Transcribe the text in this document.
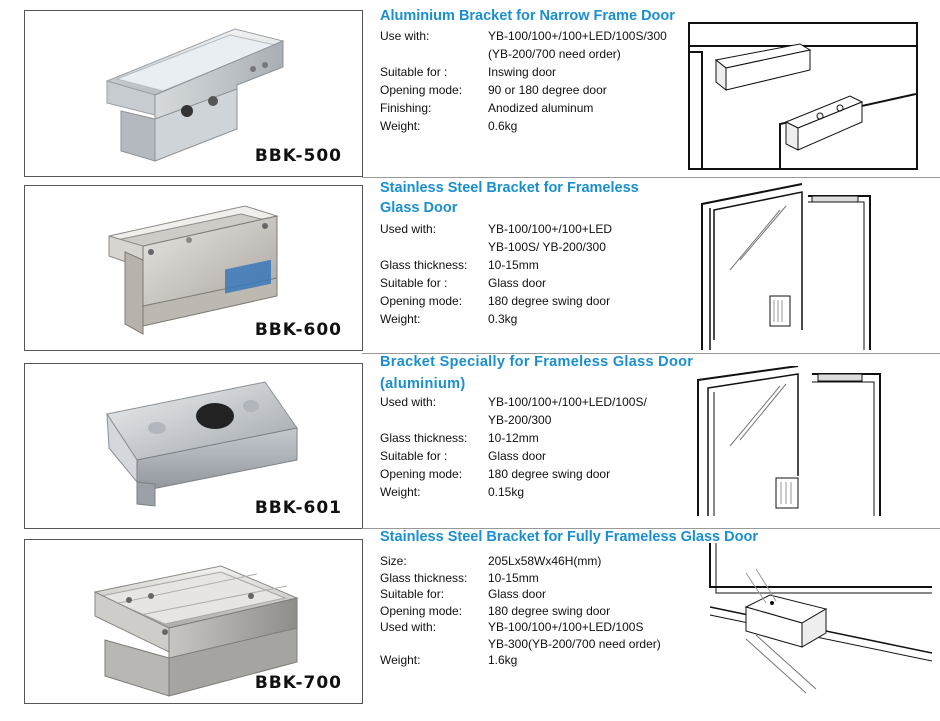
BBK-500
Aluminium Bracket for Narrow Frame Door
Use with:	YB-100/100+/100+LED/100S/300
(YB-200/700 need order)
Suitable for :	Inswing door
Opening mode: 90 or 180 degree door
Finishing:	Anodized aluminum
Weight:	0.6kg
BBK-600
Stainless Steel Bracket for Frameless
Glass Door
Used with:	YB-100/100+/100+LED
YB-100S/ YB-200/300
Glass thickness: 10-15mm
Suitable for :	Glass door
Opening mode: 180 degree swing door
Weight:	0.3kg
BBK-601
Bracket Specially for Frameless Glass Door
(aluminium)
Used with:	YB-100/100+/100+LED/100S/
YB-200/300
Glass thickness: 10-12mm
Suitable for :	Glass door
Opening mode: 180 degree swing door
Weight:	0.15kg
BBK-700
Stainless Steel Bracket for Fully Frameless Glass Door
Size:	205Lx58Wx46H(mm)
Glass thickness: 10-15mm
Suitable for:	Glass door
Opening mode: 180 degree swing door
Used with:	YB-100/100+/100+LED/100S
YB-300(YB-200/700 need order)
Weight:	1.6kg
